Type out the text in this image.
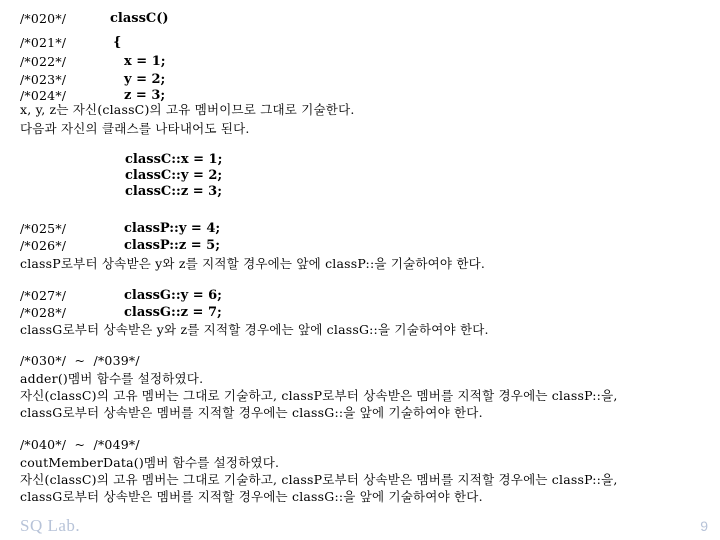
/*020*/	classC()
/*021*/	{
/*022*/	x = 1;
/*023*/	y = 2;
/*024*/	z = 3;
x, y, z는 자신(classC)의 고유 멤버이므로 그대로 기술한다.
다음과 자신의 클래스를 나타내어도 된다.
classC::x = 1;
classC::y = 2;
classC::z = 3;
/*025*/	classP::y = 4;
/*026*/	classP::z = 5;
classP로부터 상속받은 y와 z를 지적할 경우에는 앞에 classP::을 기술하여야 한다.
/*027*/	classG::y = 6;
/*028*/	classG::z = 7;
classG로부터 상속받은 y와 z를 지적할 경우에는 앞에 classG::을 기술하여야 한다.
/*030*/  ~  /*039*/
adder()멤버 함수를 설정하였다.
자신(classC)의 고유 멤버는 그대로 기술하고, classP로부터 상속받은 멤버를 지적할 경우에는 classP::을,
classG로부터 상속받은 멤버를 지적할 경우에는 classG::을 앞에 기술하여야 한다.
/*040*/  ~  /*049*/
coutMemberData()멤버 함수를 설정하였다.
자신(classC)의 고유 멤버는 그대로 기술하고, classP로부터 상속받은 멤버를 지적할 경우에는 classP::을,
classG로부터 상속받은 멤버를 지적할 경우에는 classG::을 앞에 기술하여야 한다.
SQ Lab.	9
